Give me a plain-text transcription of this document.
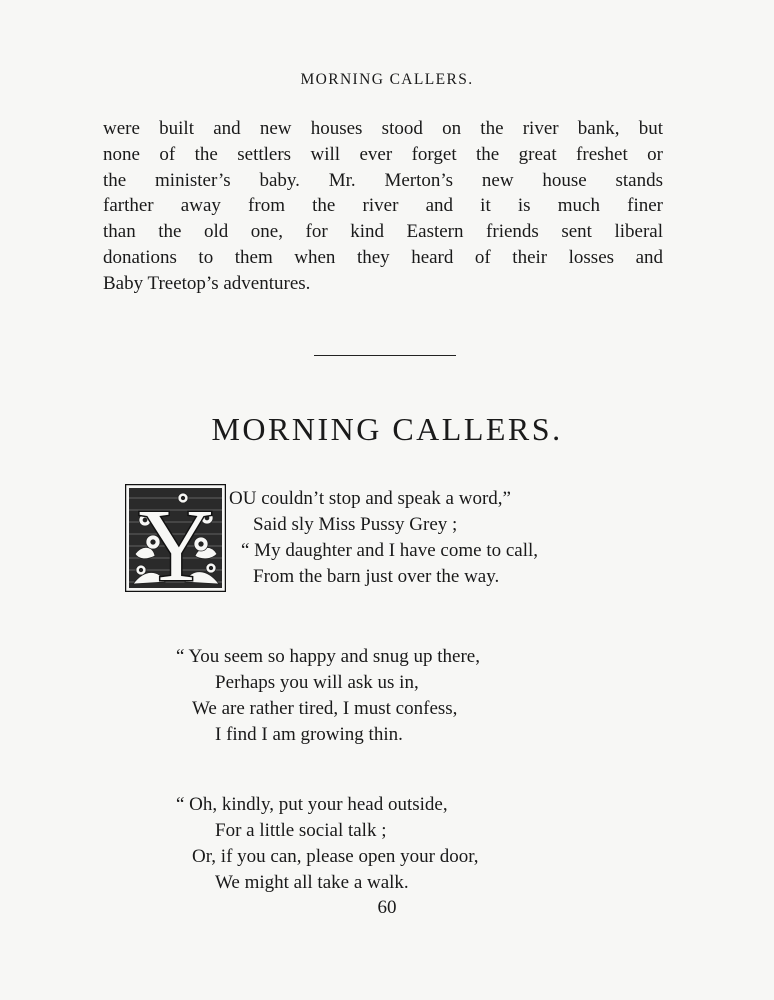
MORNING CALLERS.
were built and new houses stood on the river bank, but
none of the settlers will ever forget the great freshet or
the minister’s baby. Mr. Merton’s new house stands
farther away from the river and it is much finer
than the old one, for kind Eastern friends sent liberal
donations to them when they heard of their losses and
Baby Treetop’s adventures.
MORNING CALLERS.
Y OU couldn’t stop and speak a word,”
Said sly Miss Pussy Grey ;
“ My daughter and I have come to call,
From the barn just over the way.
“ You seem so happy and snug up there,
Perhaps you will ask us in,
We are rather tired, I must confess,
I find I am growing thin.
“ Oh, kindly, put your head outside,
For a little social talk ;
Or, if you can, please open your door,
We might all take a walk.
60
